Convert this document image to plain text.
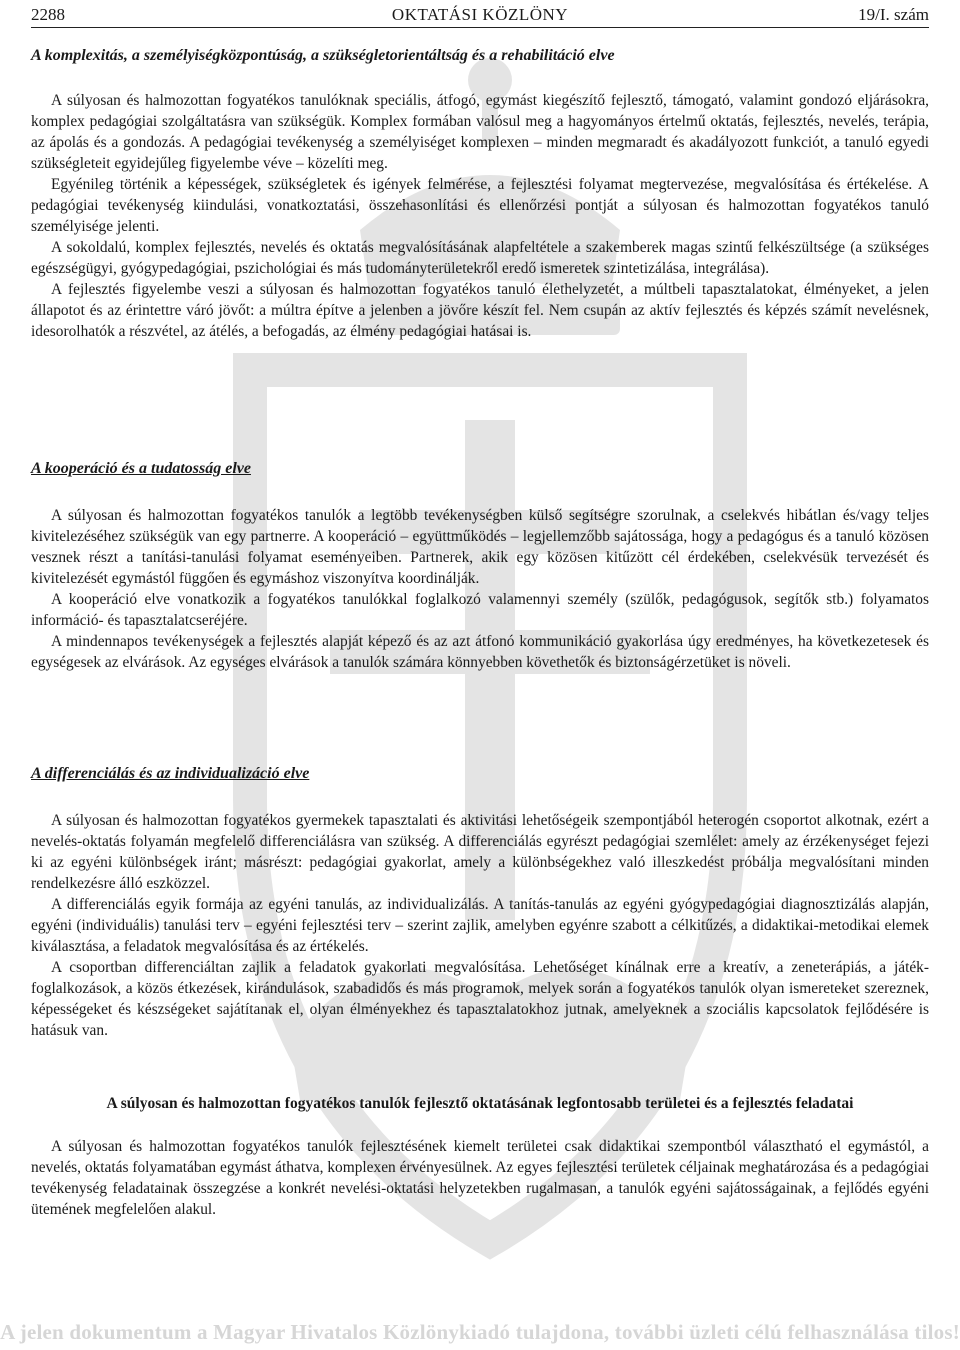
2288	OKTATÁSI KÖZLÖNY	19/I. szám
A komplexitás, a személyiségközpontúság, a szükségletorientáltság és a rehabilitáció elve

A súlyosan és halmozottan fogyatékos tanulóknak speciális, átfogó, egymást kiegészítő fejlesztő, támogató, valamint gondozó eljárásokra, komplex pedagógiai szolgáltatásra van szükségük. Komplex formában valósul meg a hagyományos értelmű oktatás, fejlesztés, nevelés, terápia, az ápolás és a gondozás. A pedagógiai tevékenység a személyiséget komplexen – minden megmaradt és akadályozott funkciót, a tanuló egyedi szükségleteit egyidejűleg figyelembe véve – közelíti meg.

Egyénileg történik a képességek, szükségletek és igények felmérése, a fejlesztési folyamat megtervezése, megvalósítása és értékelése. A pedagógiai tevékenység kiindulási, vonatkoztatási, összehasonlítási és ellenőrzési pontját a súlyosan és halmozottan fogyatékos tanuló személyisége jelenti.

A sokoldalú, komplex fejlesztés, nevelés és oktatás megvalósításának alapfeltétele a szakemberek magas szintű felkészültsége (a szükséges egészségügyi, gyógypedagógiai, pszichológiai és más tudományterületekről eredő ismeretek szintetizálása, integrálása).

A fejlesztés figyelembe veszi a súlyosan és halmozottan fogyatékos tanuló élethelyzetét, a múltbeli tapasztalatokat, élményeket, a jelen állapotot és az érintettre váró jövőt: a múltra építve a jelenben a jövőre készít fel. Nem csupán az aktív fejlesztés és képzés számít nevelésnek, idesorolhatók a részvétel, az átélés, a befogadás, az élmény pedagógiai hatásai is.

A kooperáció és a tudatosság elve

A súlyosan és halmozottan fogyatékos tanulók a legtöbb tevékenységben külső segítségre szorulnak, a cselekvés hibátlan és/vagy teljes kivitelezéséhez szükségük van egy partnerre. A kooperáció – együttműködés – legjellemzőbb sajátossága, hogy a pedagógus és a tanuló közösen vesznek részt a tanítási-tanulási folyamat eseményeiben. Partnerek, akik egy közösen kitűzött cél érdekében, cselekvésük tervezését és kivitelezését egymástól függően és egymáshoz viszonyítva koordinálják.

A kooperáció elve vonatkozik a fogyatékos tanulókkal foglalkozó valamennyi személy (szülők, pedagógusok, segítők stb.) folyamatos információ- és tapasztalatcseréjére.

A mindennapos tevékenységek a fejlesztés alapját képező és az azt átfonó kommunikáció gyakorlása úgy eredményes, ha következetesek és egységesek az elvárások. Az egységes elvárások a tanulók számára könnyebben követhetők és biztonságérzetüket is növeli.

A differenciálás és az individualizáció elve

A súlyosan és halmozottan fogyatékos gyermekek tapasztalati és aktivitási lehetőségeik szempontjából heterogén csoportot alkotnak, ezért a nevelés-oktatás folyamán megfelelő differenciálásra van szükség. A differenciálás egyrészt pedagógiai szemlélet: amely az érzékenységet fejezi ki az egyéni különbségek iránt; másrészt: pedagógiai gyakorlat, amely a különbségekhez való illeszkedést próbálja megvalósítani minden rendelkezésre álló eszközzel.

A differenciálás egyik formája az egyéni tanulás, az individualizálás. A tanítás-tanulás az egyéni gyógypedagógiai diagnosztizálás alapján, egyéni (individuális) tanulási terv – egyéni fejlesztési terv – szerint zajlik, amelyben egyénre szabott a célkitűzés, a didaktikai-metodikai elemek kiválasztása, a feladatok megvalósítása és az értékelés.

A csoportban differenciáltan zajlik a feladatok gyakorlati megvalósítása. Lehetőséget kínálnak erre a kreatív, a zeneterápiás, a játék-foglalkozások, a közös étkezések, kirándulások, szabadidős és más programok, melyek során a fogyatékos tanulók olyan ismereteket szereznek, képességeket és készségeket sajátítanak el, olyan élményekhez és tapasztalatokhoz jutnak, amelyeknek a szociális kapcsolatok fejlődésére is hatásuk van.

A súlyosan és halmozottan fogyatékos tanulók fejlesztő oktatásának legfontosabb területei és a fejlesztés feladatai

A súlyosan és halmozottan fogyatékos tanulók fejlesztésének kiemelt területei csak didaktikai szempontból választható el egymástól, a nevelés, oktatás folyamatában egymást áthatva, komplexen érvényesülnek. Az egyes fejlesztési területek céljainak meghatározása és a pedagógiai tevékenység feladatainak összegzése a konkrét nevelési-oktatási helyzetekben rugalmasan, a tanulók egyéni sajátosságainak, a fejlődés egyéni ütemének megfelelően alakul.

A jelen dokumentum a Magyar Hivatalos Közlönykiadó tulajdona, további üzleti célú felhasználása tilos!
